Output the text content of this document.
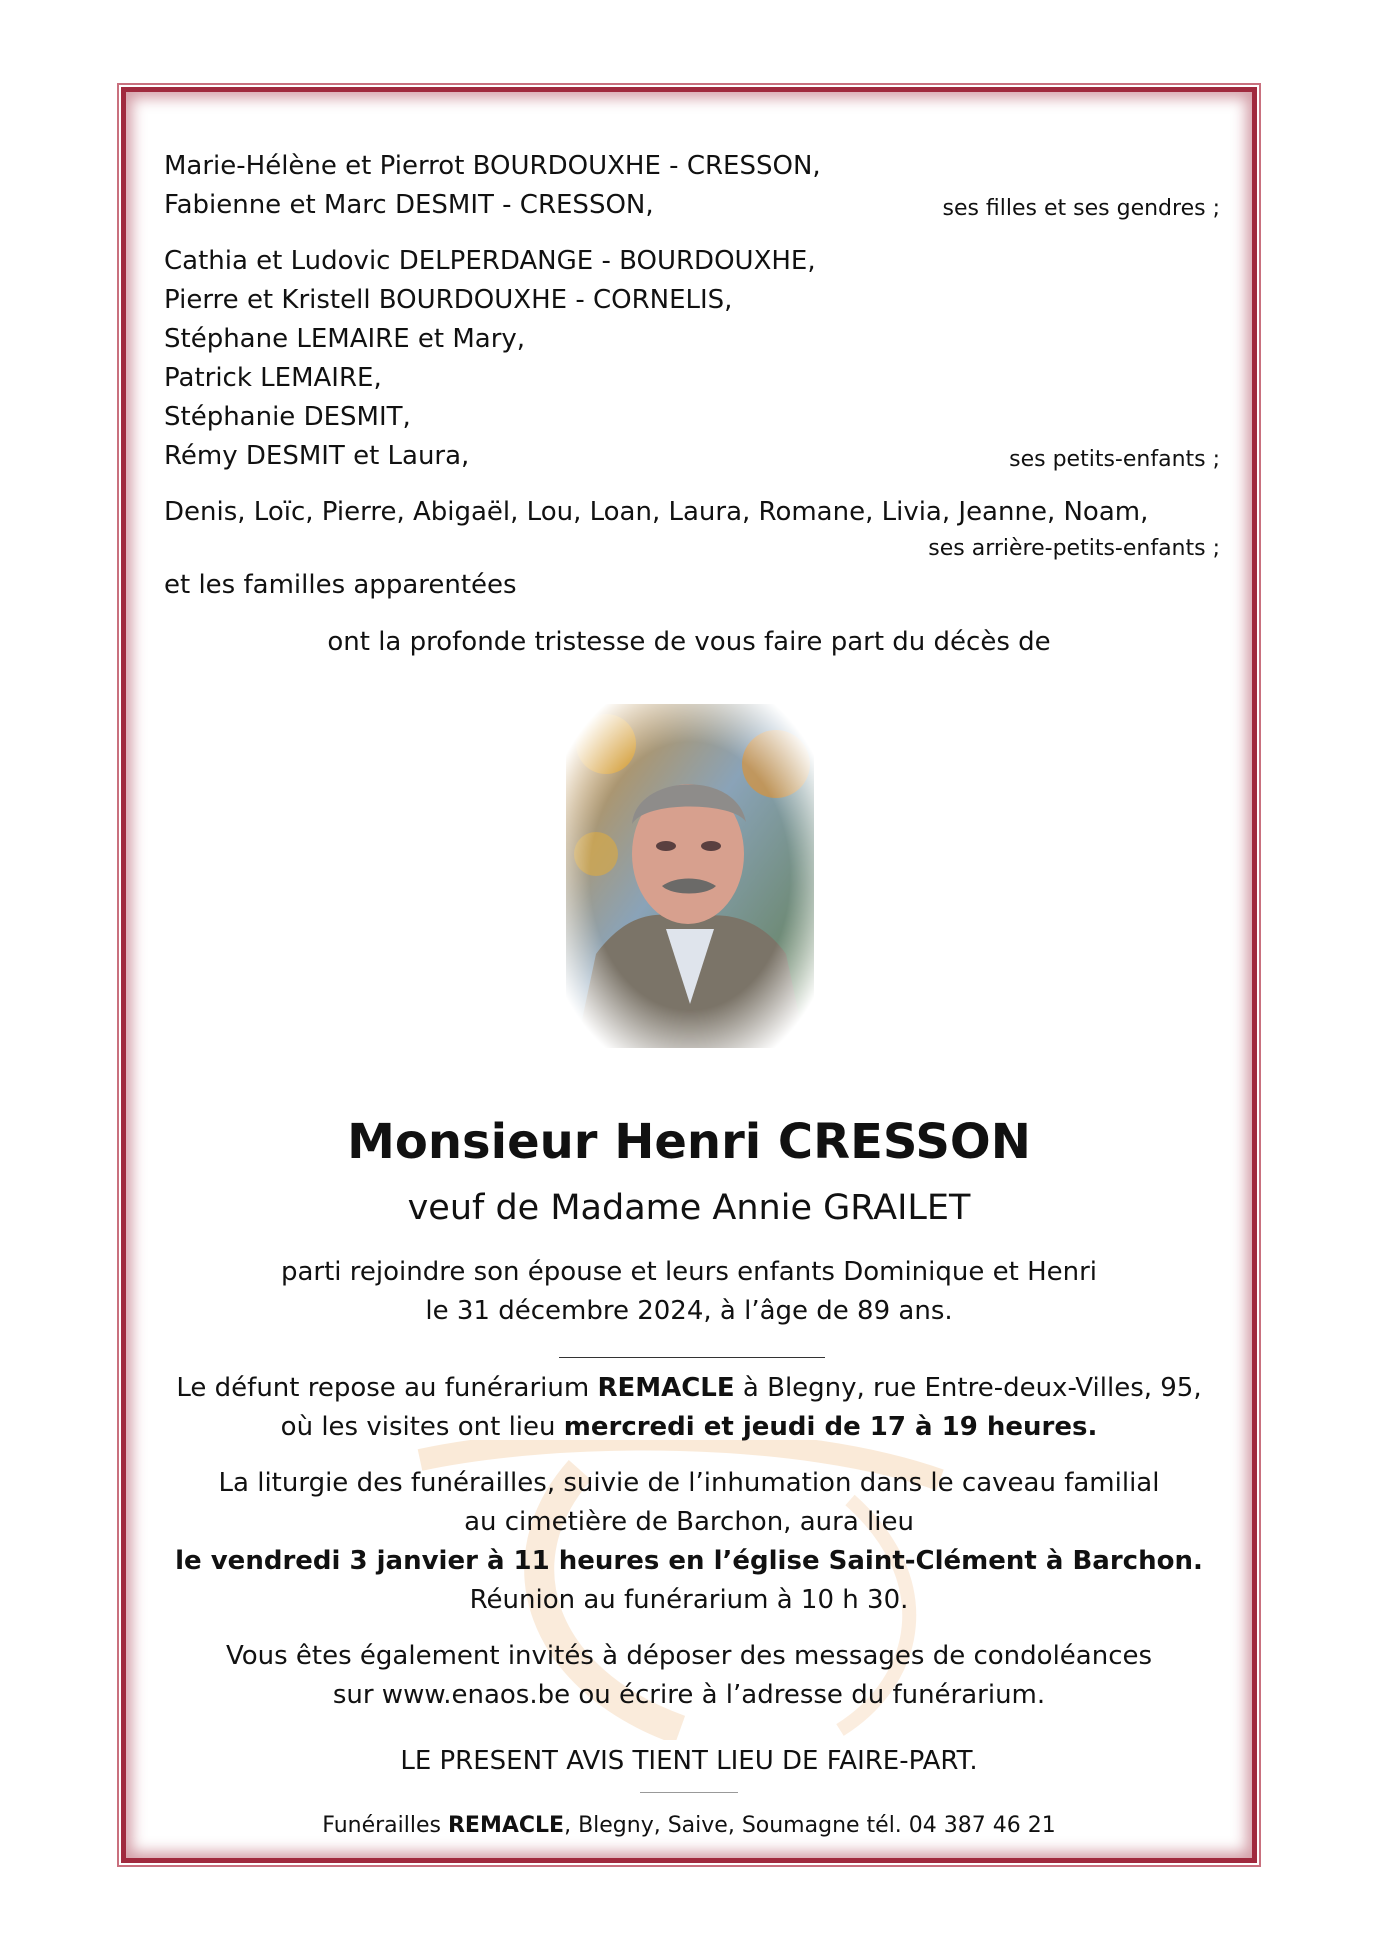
Marie-Hélène et Pierrot BOURDOUXHE - CRESSON,
Fabienne et Marc DESMIT - CRESSON,	ses filles et ses gendres ;
Cathia et Ludovic DELPERDANGE - BOURDOUXHE,
Pierre et Kristell BOURDOUXHE - CORNELIS,
Stéphane LEMAIRE et Mary,
Patrick LEMAIRE,
Stéphanie DESMIT,
Rémy DESMIT et Laura,	ses petits-enfants ;
Denis, Loïc, Pierre, Abigaël, Lou, Loan, Laura, Romane, Livia, Jeanne, Noam,
ses arrière-petits-enfants ;
et les familles apparentées
ont la profonde tristesse de vous faire part du décès de
Monsieur Henri CRESSON
veuf de Madame Annie GRAILET
parti rejoindre son épouse et leurs enfants Dominique et Henri
le 31 décembre 2024, à l’âge de 89 ans.
Le défunt repose au funérarium REMACLE à Blegny, rue Entre-deux-Villes, 95,
où les visites ont lieu mercredi et jeudi de 17 à 19 heures.
La liturgie des funérailles, suivie de l’inhumation dans le caveau familial
au cimetière de Barchon, aura lieu
le vendredi 3 janvier à 11 heures en l’église Saint-Clément à Barchon.
Réunion au funérarium à 10 h 30.
Vous êtes également invités à déposer des messages de condoléances
sur www.enaos.be ou écrire à l’adresse du funérarium.
LE PRESENT AVIS TIENT LIEU DE FAIRE-PART.
Funérailles REMACLE, Blegny, Saive, Soumagne tél. 04 387 46 21
